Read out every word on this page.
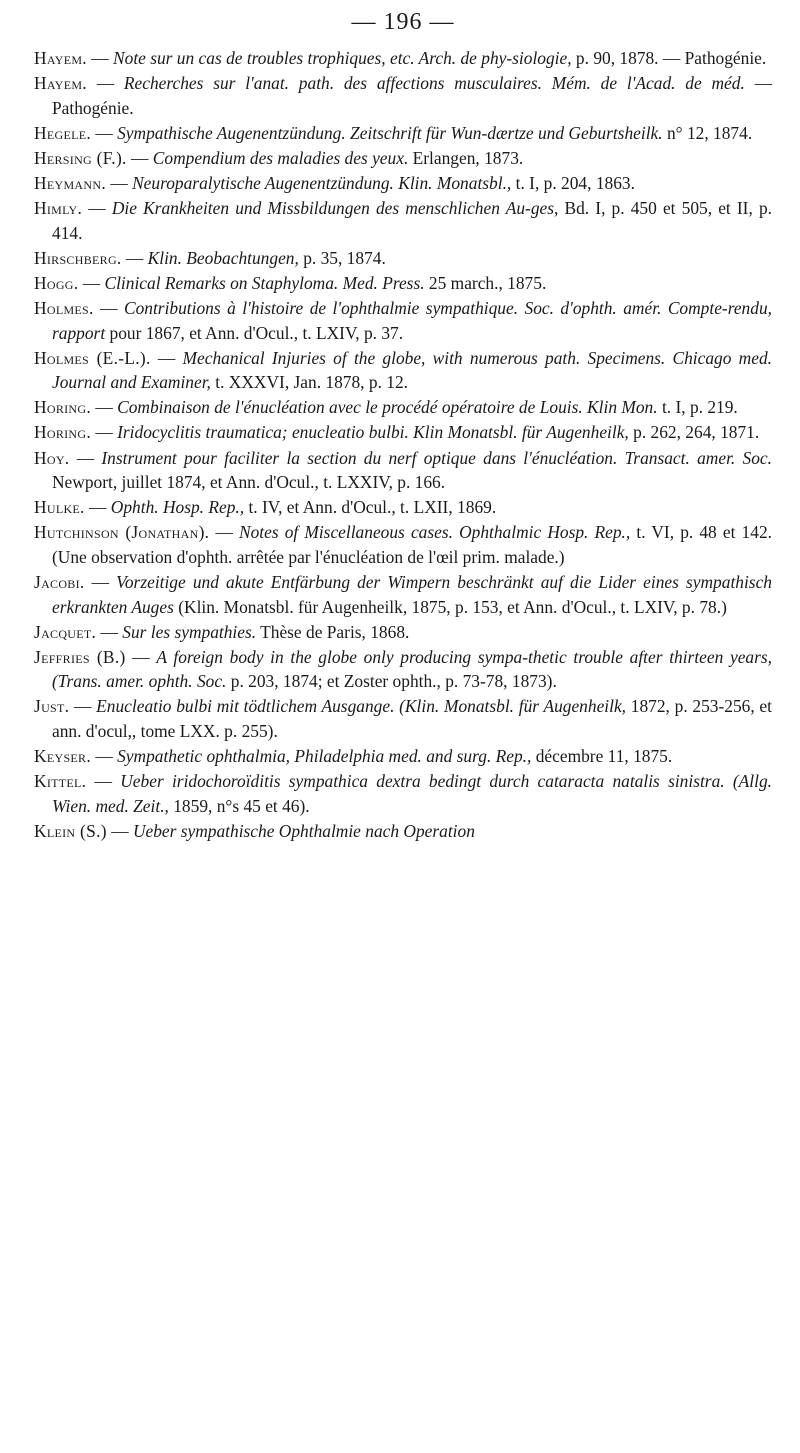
— 196 —

Hayem. — Note sur un cas de troubles trophiques, etc. Arch. de phy-siologie, p. 90, 1878. — Pathogénie.

Hayem. — Recherches sur l'anat. path. des affections musculaires. Mém. de l'Acad. de méd. — Pathogénie.

Hegele. — Sympathische Augenentzündung. Zeitschrift für Wun-dærtze und Geburtsheilk. n° 12, 1874.

Hersing (F.). — Compendium des maladies des yeux. Erlangen, 1873.

Heymann. — Neuroparalytische Augenentzündung. Klin. Monatsbl., t. I, p. 204, 1863.

Himly. — Die Krankheiten und Missbildungen des menschlichen Au-ges, Bd. I, p. 450 et 505, et II, p. 414.

Hirschberg. — Klin. Beobachtungen, p. 35, 1874.

Hogg. — Clinical Remarks on Staphyloma. Med. Press. 25 march., 1875.

Holmes. — Contributions à l'histoire de l'ophthalmie sympathique. Soc. d'ophth. amér. Compte-rendu, rapport pour 1867, et Ann. d'Ocul., t. LXIV, p. 37.

Holmes (E.-L.). — Mechanical Injuries of the globe, with numerous path. Specimens. Chicago med. Journal and Examiner, t. XXXVI, Jan. 1878, p. 12.

Horing. — Combinaison de l'énucléation avec le procédé opératoire de Louis. Klin Mon. t. I, p. 219.

Horing. — Iridocyclitis traumatica; enucleatio bulbi. Klin Monatsbl. für Augenheilk, p. 262, 264, 1871.

Hoy. — Instrument pour faciliter la section du nerf optique dans l'énucléation. Transact. amer. Soc. Newport, juillet 1874, et Ann. d'Ocul., t. LXXIV, p. 166.

Hulke. — Ophth. Hosp. Rep., t. IV, et Ann. d'Ocul., t. LXII, 1869.

Hutchinson (Jonathan). — Notes of Miscellaneous cases. Ophthalmic Hosp. Rep., t. VI, p. 48 et 142. (Une observation d'ophth. arrêtée par l'énucléation de l'œil prim. malade.)

Jacobi. — Vorzeitige und akute Entfärbung der Wimpern beschränkt auf die Lider eines sympathisch erkrankten Auges (Klin. Monatsbl. für Augenheilk, 1875, p. 153, et Ann. d'Ocul., t. LXIV, p. 78.)

Jacquet. — Sur les sympathies. Thèse de Paris, 1868.

Jeffries (B.) — A foreign body in the globe only producing sympa-thetic trouble after thirteen years, (Trans. amer. ophth. Soc. p. 203, 1874; et Zoster ophth., p. 73-78, 1873).

Just. — Enucleatio bulbi mit tödtlichem Ausgange. (Klin. Monatsbl. für Augenheilk, 1872, p. 253-256, et ann. d'ocul,, tome LXX. p. 255).

Keyser. — Sympathetic ophthalmia, Philadelphia med. and surg. Rep., décembre 11, 1875.

Kittel. — Ueber iridochoroïditis sympathica dextra bedingt durch cataracta natalis sinistra. (Allg. Wien. med. Zeit., 1859, n°s 45 et 46).

Klein (S.) — Ueber sympathische Ophthalmie nach Operation
